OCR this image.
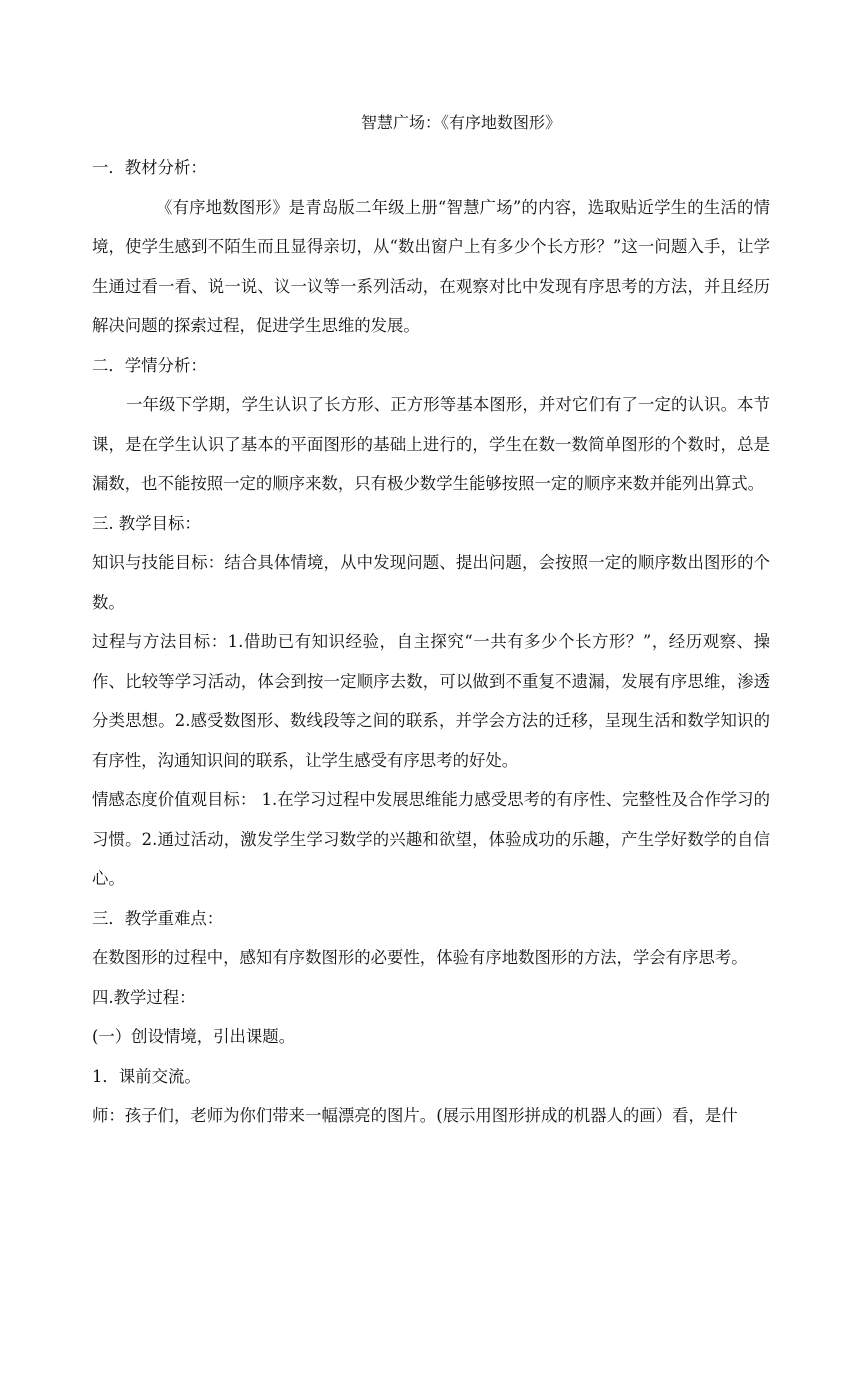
智慧广场：《有序地数图形》

一．教材分析：

《有序地数图形》是青岛版二年级上册“智慧广场”的内容，选取贴近学生的生活的情境，使学生感到不陌生而且显得亲切，从“数出窗户上有多少个长方形？”这一问题入手，让学生通过看一看、说一说、议一议等一系列活动，在观察对比中发现有序思考的方法，并且经历解决问题的探索过程，促进学生思维的发展。

二．学情分析：

一年级下学期，学生认识了长方形、正方形等基本图形，并对它们有了一定的认识。本节课，是在学生认识了基本的平面图形的基础上进行的，学生在数一数简单图形的个数时，总是漏数，也不能按照一定的顺序来数，只有极少数学生能够按照一定的顺序来数并能列出算式。

三. 教学目标：

知识与技能目标：结合具体情境，从中发现问题、提出问题，会按照一定的顺序数出图形的个数。

过程与方法目标：1.借助已有知识经验，自主探究“一共有多少个长方形？”，经历观察、操作、比较等学习活动，体会到按一定顺序去数，可以做到不重复不遗漏，发展有序思维，渗透分类思想。2.感受数图形、数线段等之间的联系，并学会方法的迁移，呈现生活和数学知识的有序性，沟通知识间的联系，让学生感受有序思考的好处。

情感态度价值观目标： 1.在学习过程中发展思维能力感受思考的有序性、完整性及合作学习的习惯。2.通过活动，激发学生学习数学的兴趣和欲望，体验成功的乐趣，产生学好数学的自信心。

三．教学重难点：

在数图形的过程中，感知有序数图形的必要性，体验有序地数图形的方法，学会有序思考。

四.教学过程：

(一）创设情境，引出课题。

1．课前交流。

师：孩子们，老师为你们带来一幅漂亮的图片。(展示用图形拼成的机器人的画）看，是什
